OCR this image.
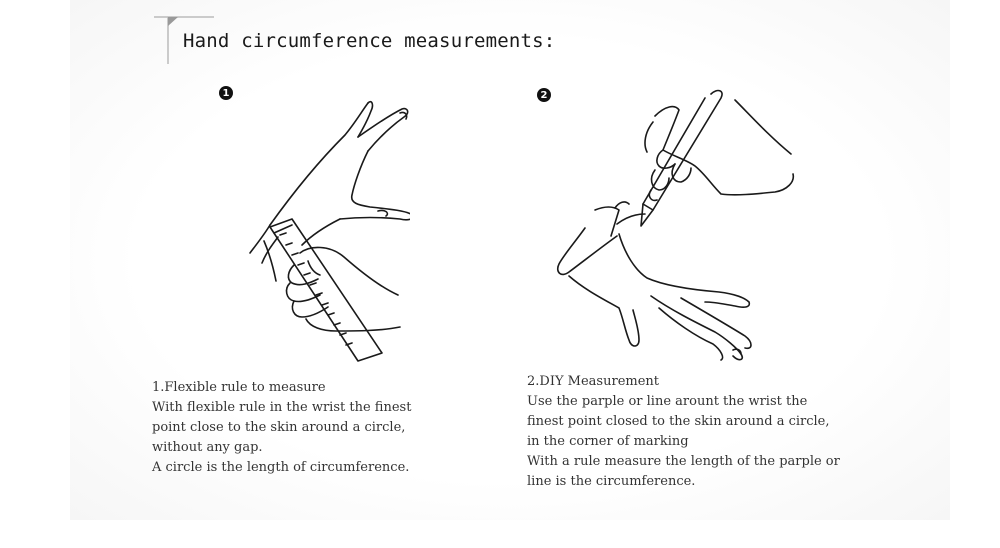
Hand circumference measurements:
1
1.Flexible rule to measure
With flexible rule in the wrist the finest
point close to the skin around a circle,
without any gap.
A circle is the length of circumference.
2
2.DIY Measurement
Use the parple or line arount the wrist the
finest point closed to the skin around a circle,
in the corner of marking
With a rule measure the length of the parple or
line is the circumference.
